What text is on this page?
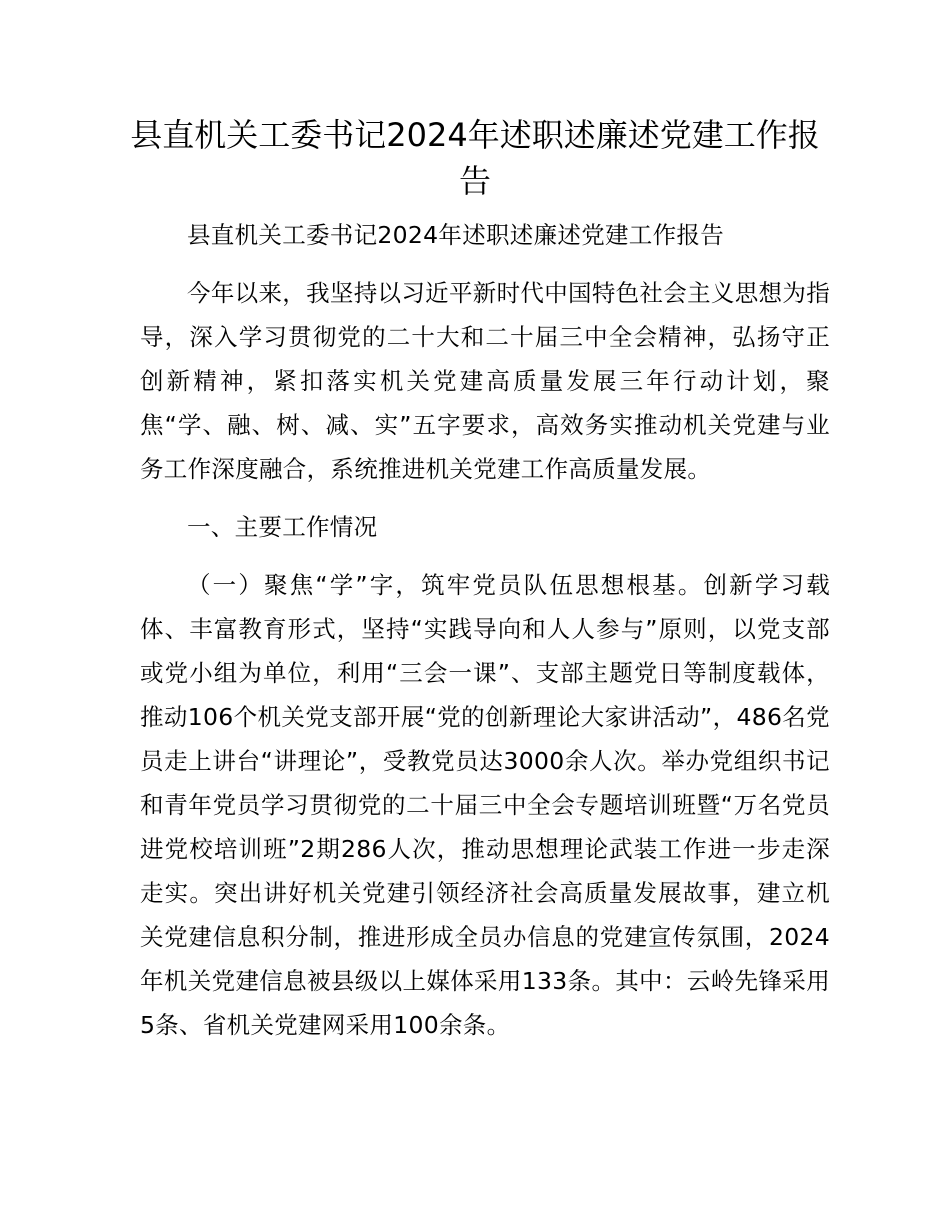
县直机关工委书记2024年述职述廉述党建工作报告

县直机关工委书记2024年述职述廉述党建工作报告

今年以来，我坚持以习近平新时代中国特色社会主义思想为指导，深入学习贯彻党的二十大和二十届三中全会精神，弘扬守正创新精神，紧扣落实机关党建高质量发展三年行动计划，聚焦“学、融、树、减、实”五字要求，高效务实推动机关党建与业务工作深度融合，系统推进机关党建工作高质量发展。

一、主要工作情况

（一）聚焦“学”字，筑牢党员队伍思想根基。创新学习载体、丰富教育形式，坚持“实践导向和人人参与”原则，以党支部或党小组为单位，利用“三会一课”、支部主题党日等制度载体，推动106个机关党支部开展“党的创新理论大家讲活动”，486名党员走上讲台“讲理论”，受教党员达3000余人次。举办党组织书记和青年党员学习贯彻党的二十届三中全会专题培训班暨“万名党员进党校培训班”2期286人次，推动思想理论武装工作进一步走深走实。突出讲好机关党建引领经济社会高质量发展故事，建立机关党建信息积分制，推进形成全员办信息的党建宣传氛围，2024年机关党建信息被县级以上媒体采用133条。其中：云岭先锋采用5条、省机关党建网采用100余条。
